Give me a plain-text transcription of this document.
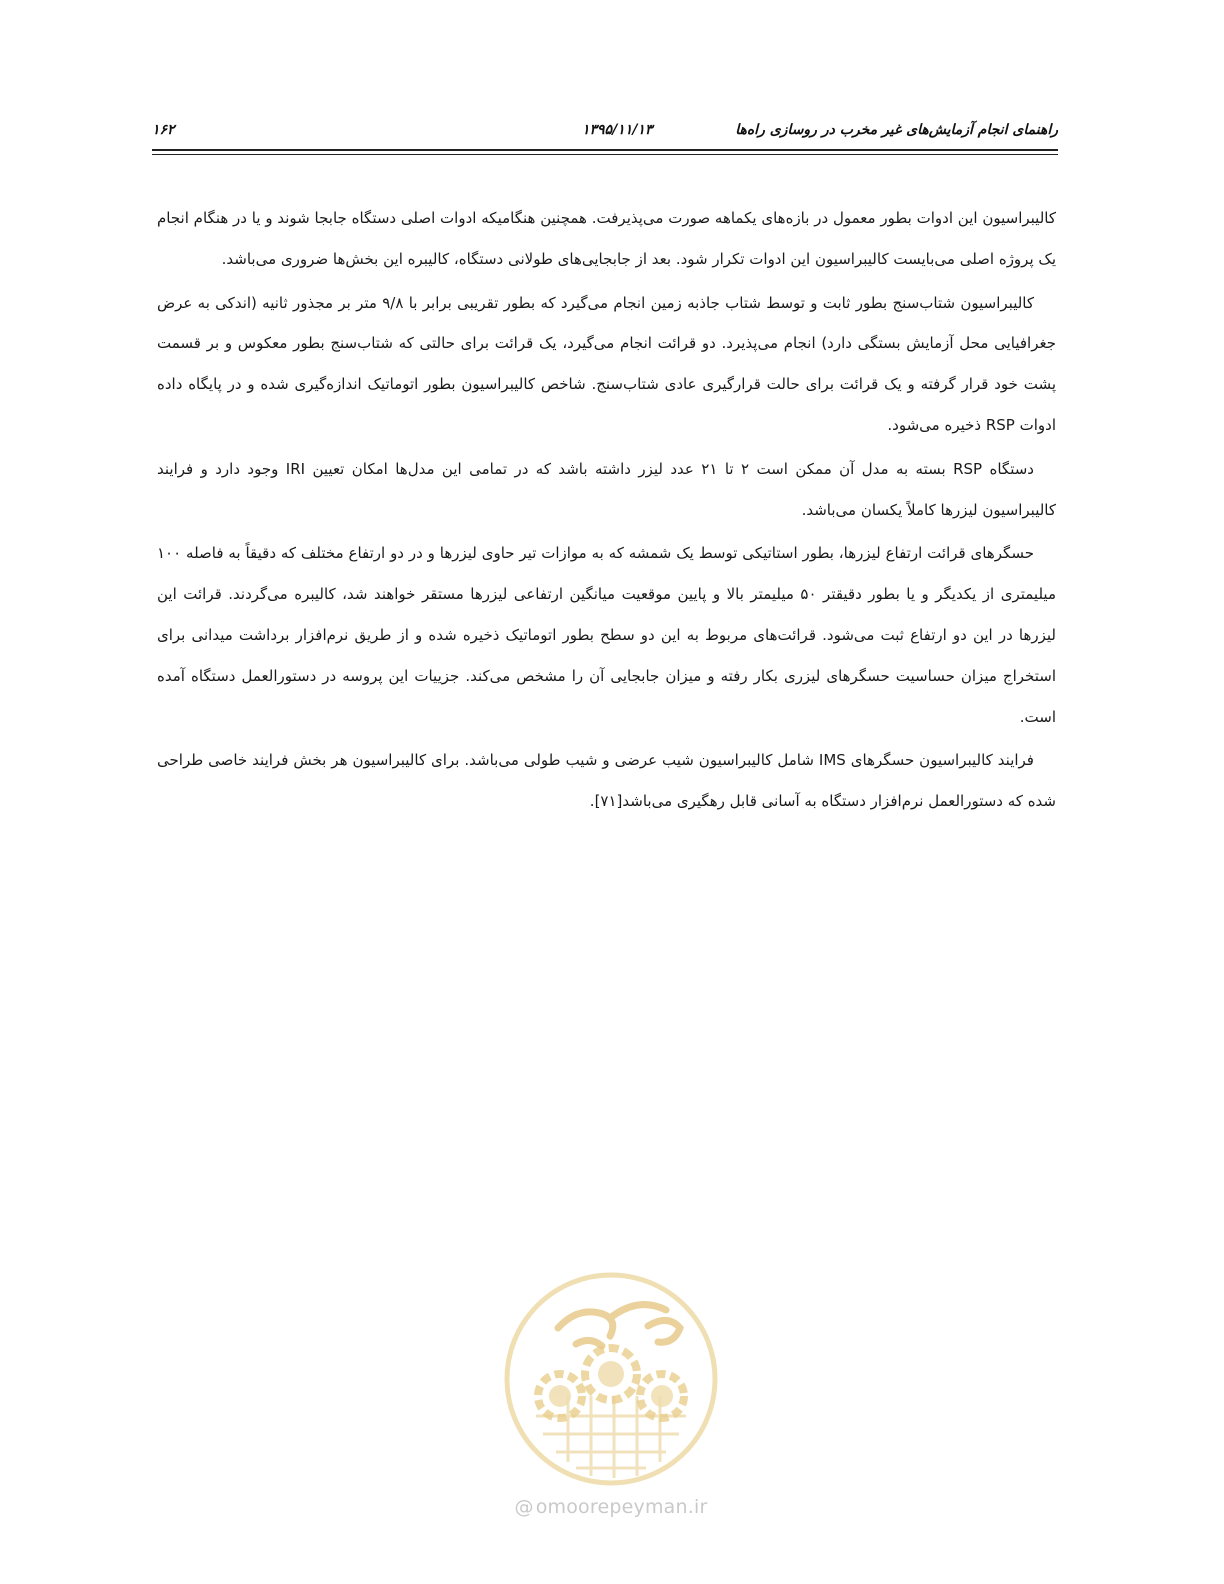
۱۶۲	۱۳۹۵/۱۱/۱۳	راهنمای انجام آزمایش‌های غیر مخرب در روسازی راه‌ها

کالیبراسیون این ادوات بطور معمول در بازه‌های یکماهه صورت می‌پذیرفت. همچنین هنگامیکه ادوات اصلی دستگاه جابجا شوند و یا در هنگام انجام یک پروژه اصلی می‌بایست کالیبراسیون این ادوات تکرار شود. بعد از جابجایی‌های طولانی دستگاه، کالیبره این بخش‌ها ضروری می‌باشد.

کالیبراسیون شتاب‌سنج بطور ثابت و توسط شتاب جاذبه زمین انجام می‌گیرد که بطور تقریبی برابر با ۹/۸ متر بر مجذور ثانیه (اندکی به عرض جغرافیایی محل آزمایش بستگی دارد) انجام می‌پذیرد. دو قرائت انجام می‌گیرد، یک قرائت برای حالتی که شتاب‌سنج بطور معکوس و بر قسمت پشت خود قرار گرفته و یک قرائت برای حالت قرارگیری عادی شتاب‌سنج. شاخص کالیبراسیون بطور اتوماتیک اندازه‌گیری شده و در پایگاه داده ادوات RSP ذخیره می‌شود.

دستگاه RSP بسته به مدل آن ممکن است ۲ تا ۲۱ عدد لیزر داشته باشد که در تمامی این مدل‌ها امکان تعیین IRI وجود دارد و فرایند کالیبراسیون لیزرها کاملاً یکسان می‌باشد.

حسگرهای قرائت ارتفاع لیزرها، بطور استاتیکی توسط یک شمشه که به موازات تیر حاوی لیزرها و در دو ارتفاع مختلف که دقیقاً به فاصله ۱۰۰ میلیمتری از یکدیگر و یا بطور دقیقتر ۵۰ میلیمتر بالا و پایین موقعیت میانگین ارتفاعی لیزرها مستقر خواهند شد، کالیبره می‌گردند. قرائت این لیزرها در این دو ارتفاع ثبت می‌شود. قرائت‌های مربوط به این دو سطح بطور اتوماتیک ذخیره شده و از طریق نرم‌افزار برداشت میدانی برای استخراج میزان حساسیت حسگرهای لیزری بکار رفته و میزان جابجایی آن را مشخص می‌کند. جزییات این پروسه در دستورالعمل دستگاه آمده است.

فرایند کالیبراسیون حسگرهای IMS شامل کالیبراسیون شیب عرضی و شیب طولی می‌باشد. برای کالیبراسیون هر بخش فرایند خاصی طراحی شده که دستورالعمل نرم‌افزار دستگاه به آسانی قابل رهگیری می‌باشد[۷۱].

امورپیمان
@ omoorepeyman.ir
